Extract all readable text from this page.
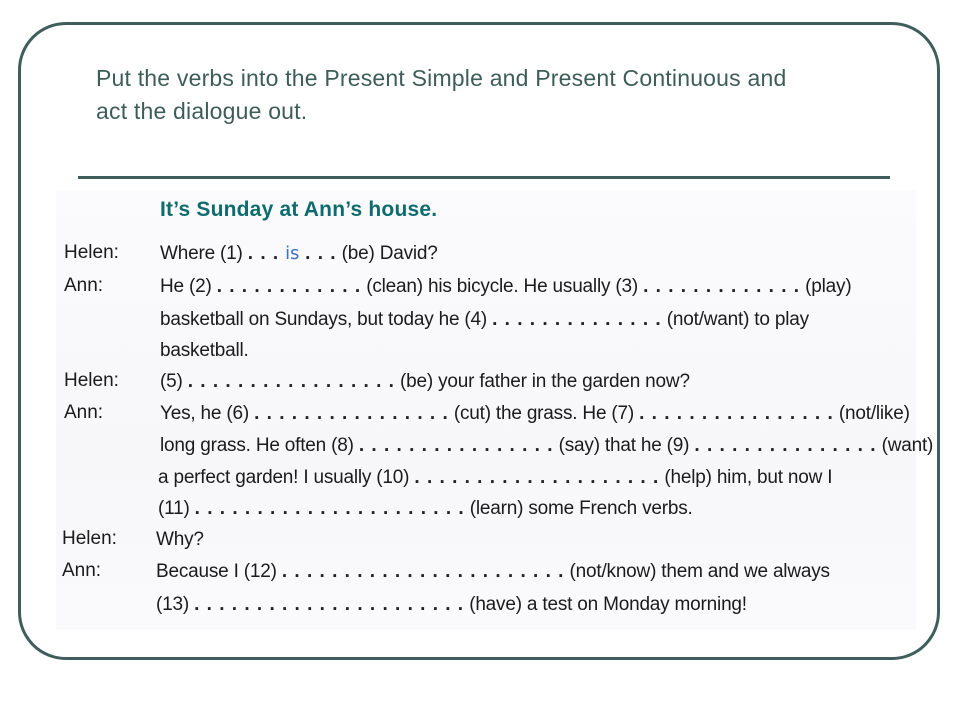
Put the verbs into the Present Simple and Present Continuous and
act the dialogue out.
It’s Sunday at Ann’s house.
Helen:
Ann:
Helen:
Ann:
Helen:
Ann:
Where (1) . . . is . . . (be) David?
He (2) . . . . . . . . . . . . (clean) his bicycle. He usually (3) . . . . . . . . . . . . . (play)
basketball on Sundays, but today he (4) . . . . . . . . . . . . . . (not/want) to play
basketball.
(5) . . . . . . . . . . . . . . . . . (be) your father in the garden now?
Yes, he (6) . . . . . . . . . . . . . . . . (cut) the grass. He (7) . . . . . . . . . . . . . . . . (not/like)
long grass. He often (8) . . . . . . . . . . . . . . . . (say) that he (9) . . . . . . . . . . . . . . . (want)
a perfect garden! I usually (10) . . . . . . . . . . . . . . . . . . . . (help) him, but now I
(11) . . . . . . . . . . . . . . . . . . . . . . (learn) some French verbs.
Why?
Because I (12) . . . . . . . . . . . . . . . . . . . . . . . (not/know) them and we always
(13) . . . . . . . . . . . . . . . . . . . . . . (have) a test on Monday morning!
